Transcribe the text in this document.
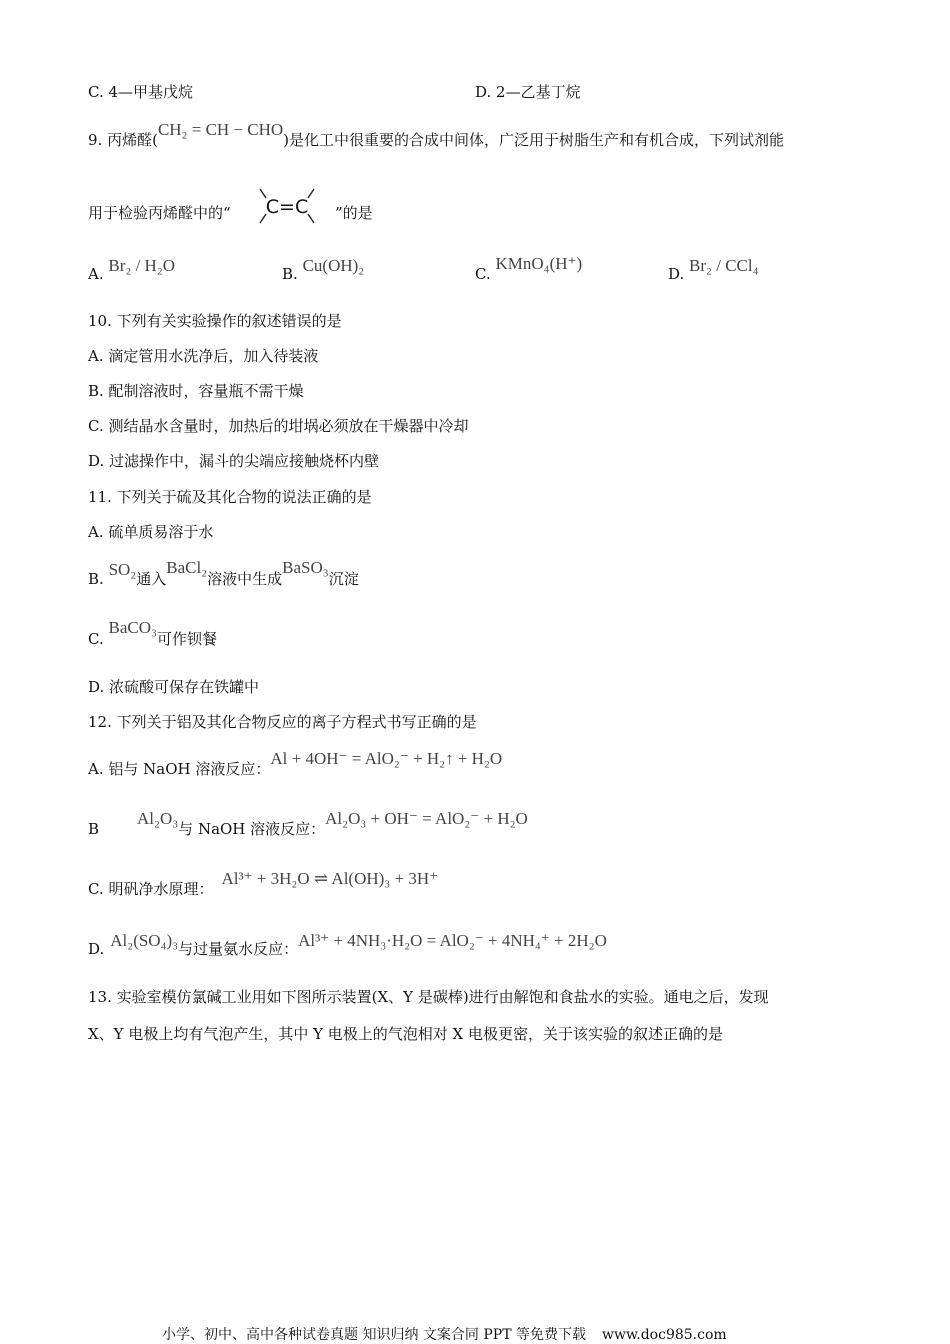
C. 4—甲基戊烷	D. 2—乙基丁烷
9. 丙烯醛(CH₂ = CH − CHO)是化工中很重要的合成中间体，广泛用于树脂生产和有机合成，下列试剂能
用于检验丙烯醛中的“ C=C ”的是
A. Br₂ / H₂O	B. Cu(OH)₂	C. KMnO₄(H⁺)
D. Br₂ / CCl₄
10. 下列有关实验操作的叙述错误的是
A. 滴定管用水洗净后，加入待装液
B. 配制溶液时，容量瓶不需干燥
C. 测结晶水含量时，加热后的坩埚必须放在干燥器中冷却
D. 过滤操作中，漏斗的尖端应接触烧杯内壁
11. 下列关于硫及其化合物的说法正确的是
A. 硫单质易溶于水
B. SO₂通入BaCl₂溶液中生成BaSO₃沉淀
C. BaCO₃可作钡餐
D. 浓硫酸可保存在铁罐中
12. 下列关于铝及其化合物反应的离子方程式书写正确的是
A. 铝与 NaOH 溶液反应：Al + 4OH⁻ = AlO₂⁻ + H₂↑ + H₂O
BAl₂O₃与 NaOH 溶液反应：Al₂O₃ + OH⁻ = AlO₂⁻ + H₂O
C. 明矾净水原理：Al³⁺ + 3H₂O ⇌ Al(OH)₃ + 3H⁺
D. Al₂(SO₄)₃与过量氨水反应：Al³⁺ + 4NH₃·H₂O = AlO₂⁻ + 4NH₄⁺ + 2H₂O
13. 实验室模仿氯碱工业用如下图所示装置(X、Y 是碳棒)进行由解饱和食盐水的实验。通电之后，发现
X、Y 电极上均有气泡产生，其中 Y 电极上的气泡相对 X 电极更密，关于该实验的叙述正确的是
小学、初中、高中各种试卷真题 知识归纳 文案合同 PPT 等免费下载 www.doc985.com
